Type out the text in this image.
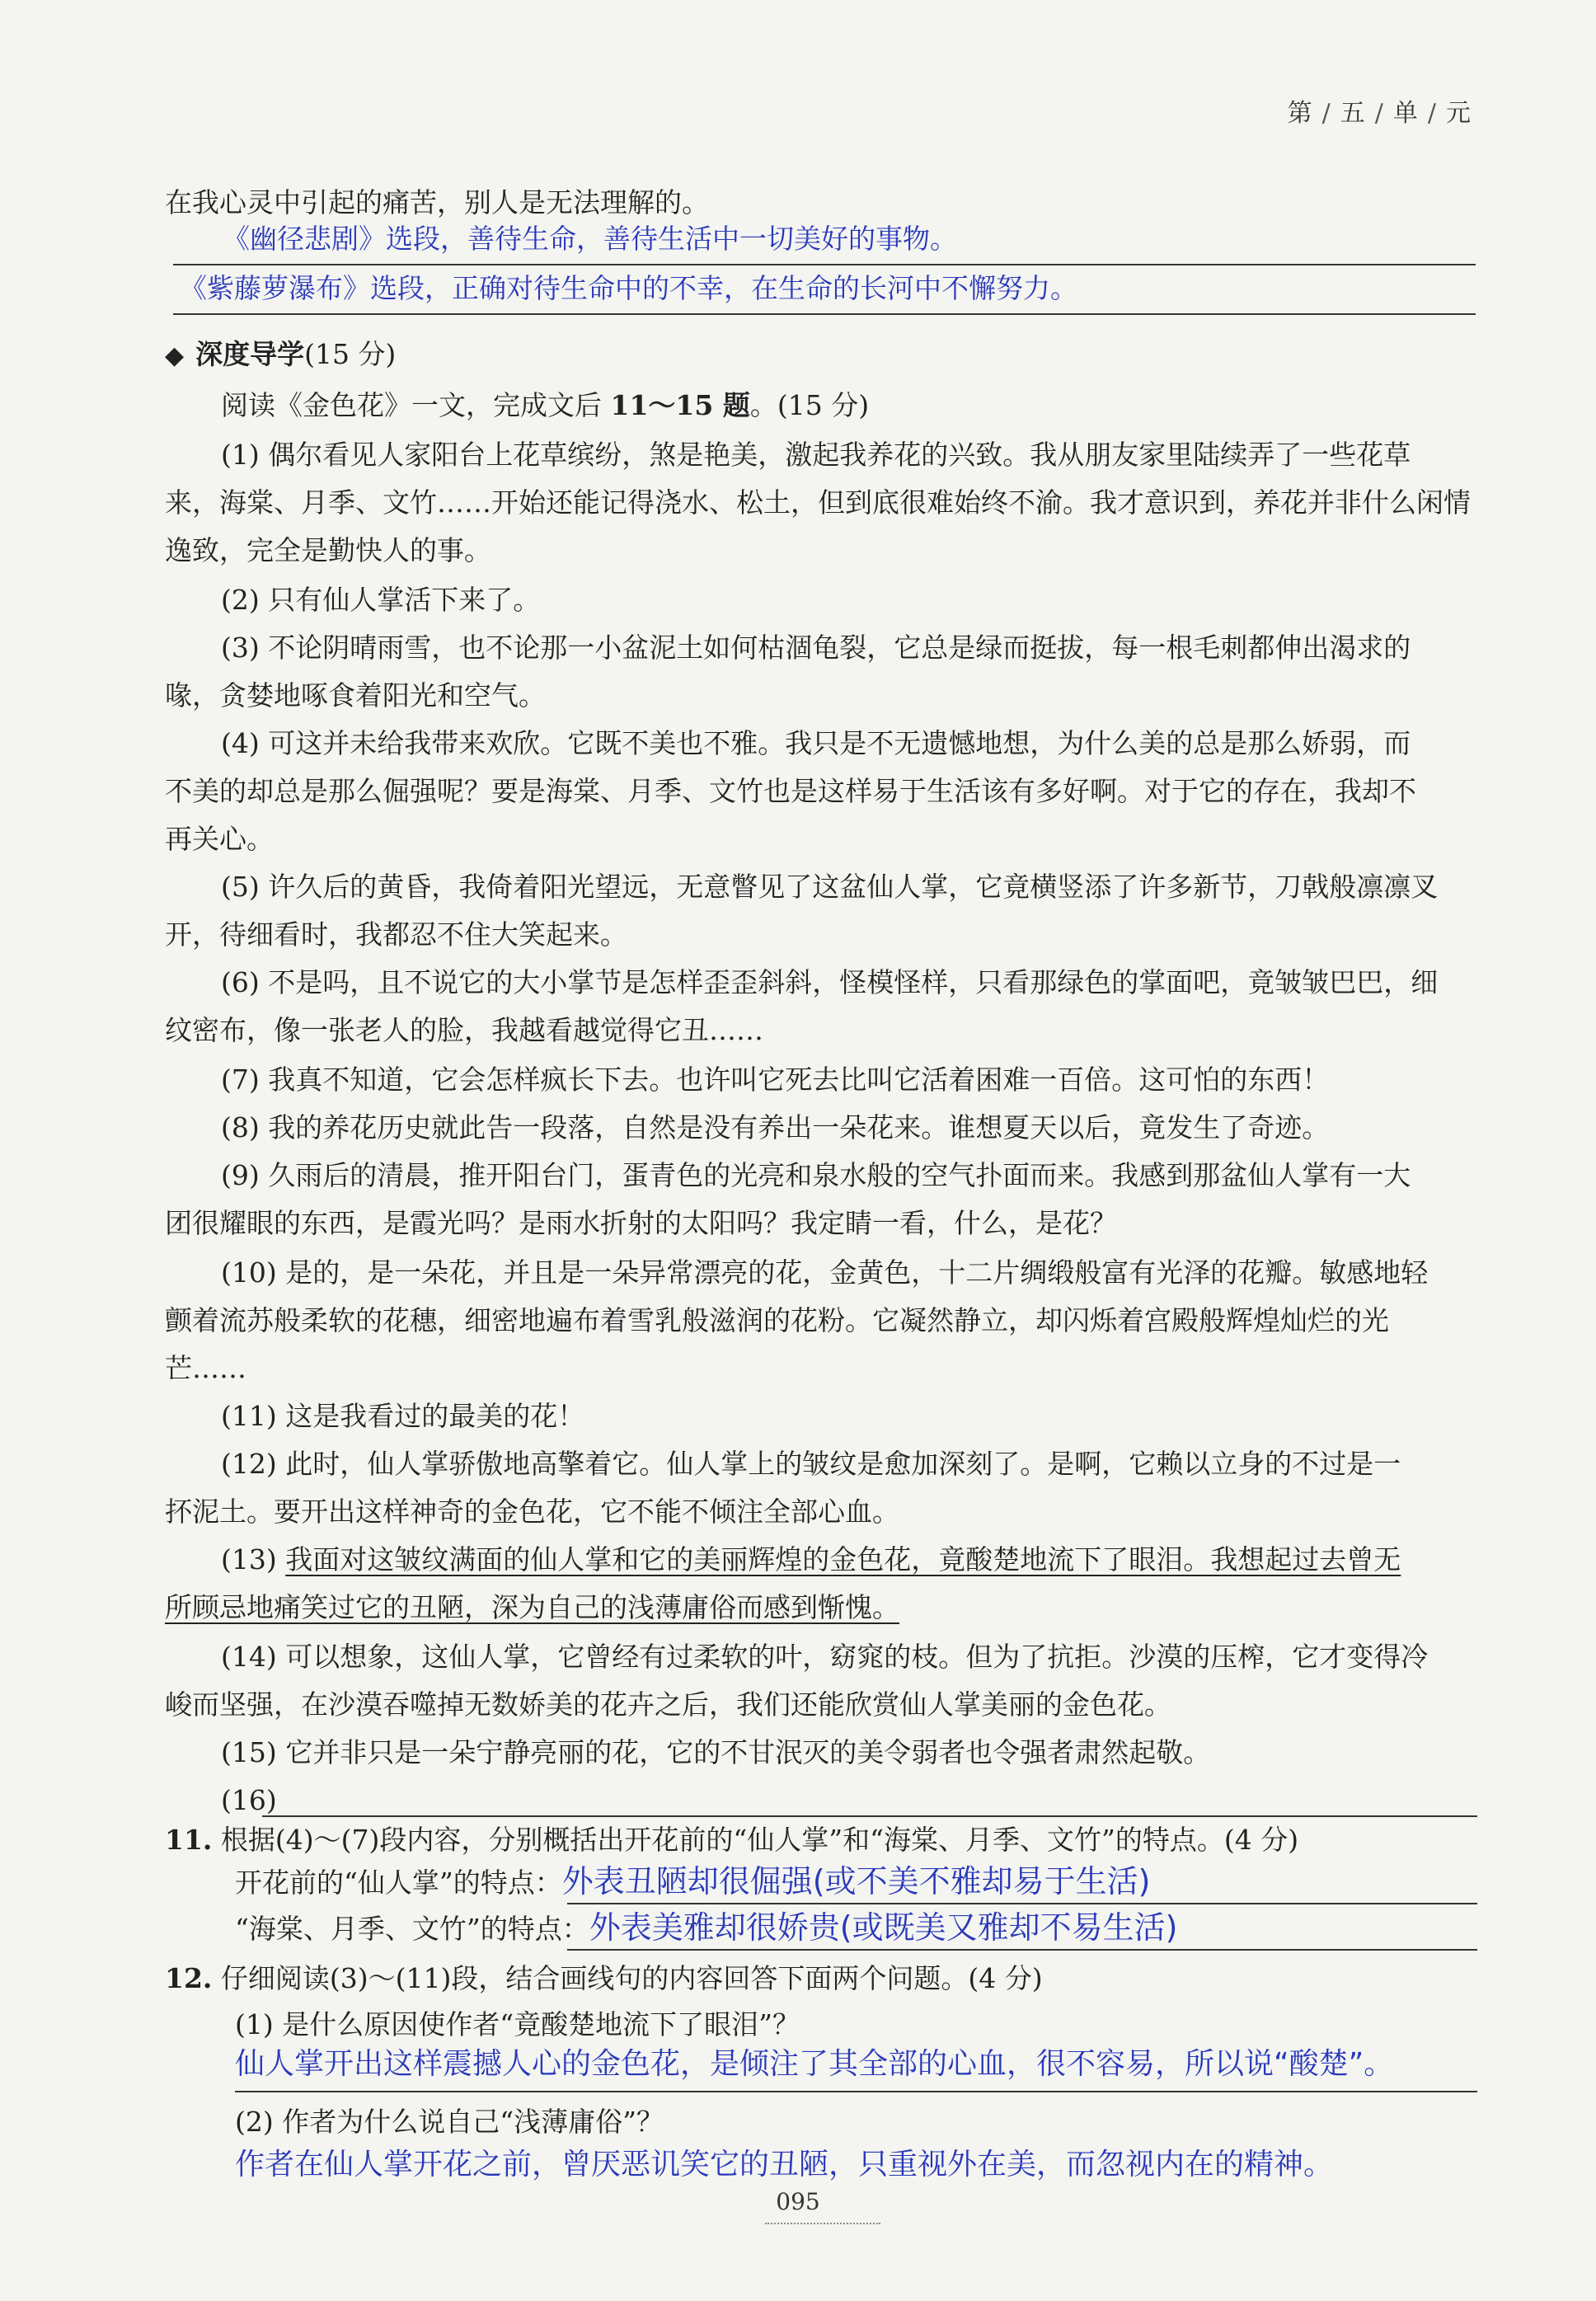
第 / 五 / 单 / 元
在我心灵中引起的痛苦，别人是无法理解的。
《幽径悲剧》选段，善待生命，善待生活中一切美好的事物。
《紫藤萝瀑布》选段，正确对待生命中的不幸，在生命的长河中不懈努力。
◆ 深度导学(15 分)
阅读《金色花》一文，完成文后 11～15 题。(15 分)
(1) 偶尔看见人家阳台上花草缤纷，煞是艳美，激起我养花的兴致。我从朋友家里陆续弄了一些花草
来，海棠、月季、文竹……开始还能记得浇水、松土，但到底很难始终不渝。我才意识到，养花并非什么闲情
逸致，完全是勤快人的事。
(2) 只有仙人掌活下来了。
(3) 不论阴晴雨雪，也不论那一小盆泥土如何枯涸龟裂，它总是绿而挺拔，每一根毛刺都伸出渴求的
喙，贪婪地啄食着阳光和空气。
(4) 可这并未给我带来欢欣。它既不美也不雅。我只是不无遗憾地想，为什么美的总是那么娇弱，而
不美的却总是那么倔强呢？要是海棠、月季、文竹也是这样易于生活该有多好啊。对于它的存在，我却不
再关心。
(5) 许久后的黄昏，我倚着阳光望远，无意瞥见了这盆仙人掌，它竟横竖添了许多新节，刀戟般凛凛叉
开，待细看时，我都忍不住大笑起来。
(6) 不是吗，且不说它的大小掌节是怎样歪歪斜斜，怪模怪样，只看那绿色的掌面吧，竟皱皱巴巴，细
纹密布，像一张老人的脸，我越看越觉得它丑……
(7) 我真不知道，它会怎样疯长下去。也许叫它死去比叫它活着困难一百倍。这可怕的东西！
(8) 我的养花历史就此告一段落，自然是没有养出一朵花来。谁想夏天以后，竟发生了奇迹。
(9) 久雨后的清晨，推开阳台门，蛋青色的光亮和泉水般的空气扑面而来。我感到那盆仙人掌有一大
团很耀眼的东西，是霞光吗？是雨水折射的太阳吗？我定睛一看，什么，是花？
(10) 是的，是一朵花，并且是一朵异常漂亮的花，金黄色，十二片绸缎般富有光泽的花瓣。敏感地轻
颤着流苏般柔软的花穗，细密地遍布着雪乳般滋润的花粉。它凝然静立，却闪烁着宫殿般辉煌灿烂的光
芒……
(11) 这是我看过的最美的花！
(12) 此时，仙人掌骄傲地高擎着它。仙人掌上的皱纹是愈加深刻了。是啊，它赖以立身的不过是一
抔泥土。要开出这样神奇的金色花，它不能不倾注全部心血。
(13) 我面对这皱纹满面的仙人掌和它的美丽辉煌的金色花，竟酸楚地流下了眼泪。我想起过去曾无
所顾忌地痛笑过它的丑陋，深为自己的浅薄庸俗而感到惭愧。
(14) 可以想象，这仙人掌，它曾经有过柔软的叶，窈窕的枝。但为了抗拒。沙漠的压榨，它才变得冷
峻而坚强，在沙漠吞噬掉无数娇美的花卉之后，我们还能欣赏仙人掌美丽的金色花。
(15) 它并非只是一朵宁静亮丽的花，它的不甘泯灭的美令弱者也令强者肃然起敬。
(16)
11. 根据(4)～(7)段内容，分别概括出开花前的“仙人掌”和“海棠、月季、文竹”的特点。(4 分)
开花前的“仙人掌”的特点：外表丑陋却很倔强(或不美不雅却易于生活)
“海棠、月季、文竹”的特点：外表美雅却很娇贵(或既美又雅却不易生活)
12. 仔细阅读(3)～(11)段，结合画线句的内容回答下面两个问题。(4 分)
(1) 是什么原因使作者“竟酸楚地流下了眼泪”？
仙人掌开出这样震撼人心的金色花，是倾注了其全部的心血，很不容易，所以说“酸楚”。
(2) 作者为什么说自己“浅薄庸俗”？
作者在仙人掌开花之前，曾厌恶讥笑它的丑陋，只重视外在美，而忽视内在的精神。
095
